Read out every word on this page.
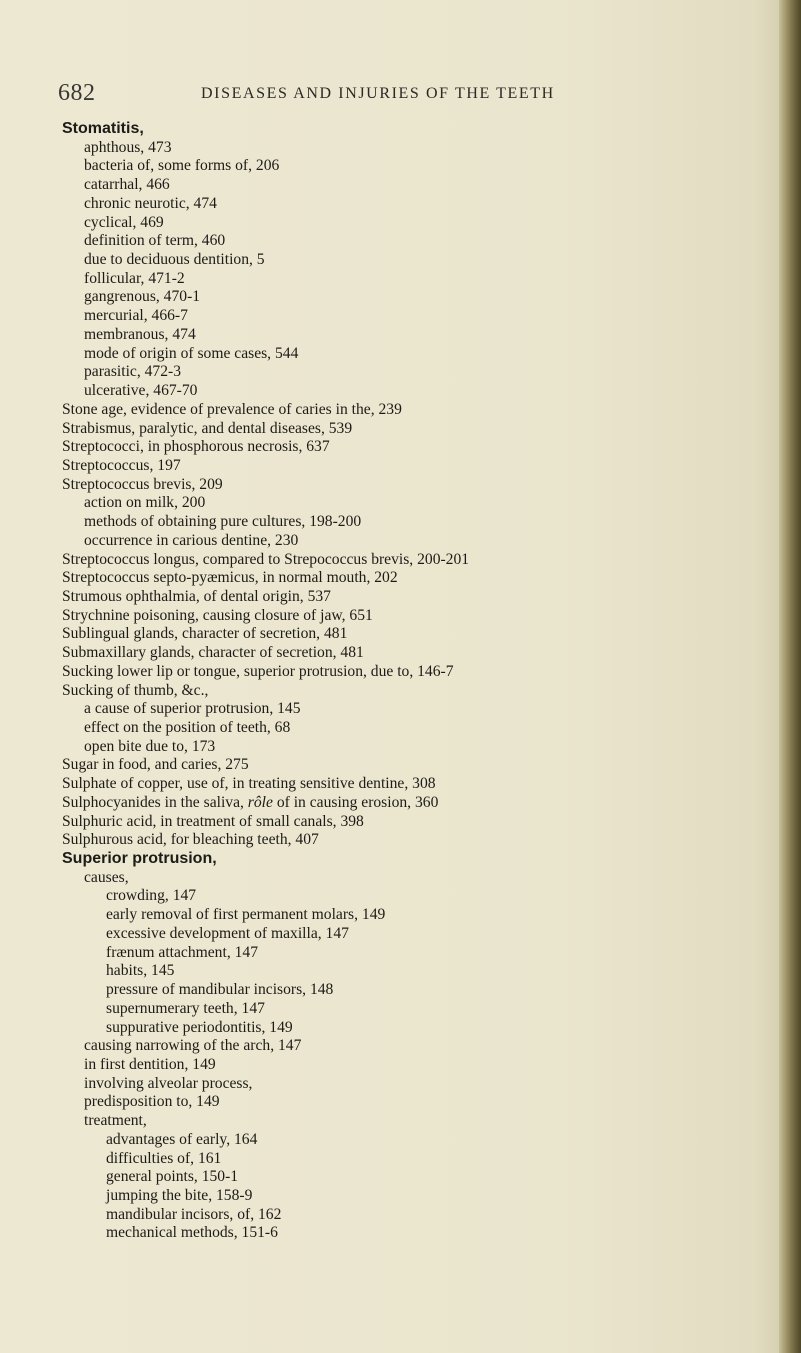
682	DISEASES AND INJURIES OF THE TEETH
Stomatitis,
aphthous, 473
bacteria of, some forms of, 206
catarrhal, 466
chronic neurotic, 474
cyclical, 469
definition of term, 460
due to deciduous dentition, 5
follicular, 471-2
gangrenous, 470-1
mercurial, 466-7
membranous, 474
mode of origin of some cases, 544
parasitic, 472-3
ulcerative, 467-70
Stone age, evidence of prevalence of caries in the, 239
Strabismus, paralytic, and dental diseases, 539
Streptococci, in phosphorous necrosis, 637
Streptococcus, 197
Streptococcus brevis, 209
action on milk, 200
methods of obtaining pure cultures, 198-200
occurrence in carious dentine, 230
Streptococcus longus, compared to Strepococcus brevis, 200-201
Streptococcus septo-pyæmicus, in normal mouth, 202
Strumous ophthalmia, of dental origin, 537
Strychnine poisoning, causing closure of jaw, 651
Sublingual glands, character of secretion, 481
Submaxillary glands, character of secretion, 481
Sucking lower lip or tongue, superior protrusion, due to, 146-7
Sucking of thumb, &c.,
a cause of superior protrusion, 145
effect on the position of teeth, 68
open bite due to, 173
Sugar in food, and caries, 275
Sulphate of copper, use of, in treating sensitive dentine, 308
Sulphocyanides in the saliva, rôle of in causing erosion, 360
Sulphuric acid, in treatment of small canals, 398
Sulphurous acid, for bleaching teeth, 407
Superior protrusion,
causes,
crowding, 147
early removal of first permanent molars, 149
excessive development of maxilla, 147
frænum attachment, 147
habits, 145
pressure of mandibular incisors, 148
supernumerary teeth, 147
suppurative periodontitis, 149
causing narrowing of the arch, 147
in first dentition, 149
involving alveolar process,
predisposition to, 149
treatment,
advantages of early, 164
difficulties of, 161
general points, 150-1
jumping the bite, 158-9
mandibular incisors, of, 162
mechanical methods, 151-6
